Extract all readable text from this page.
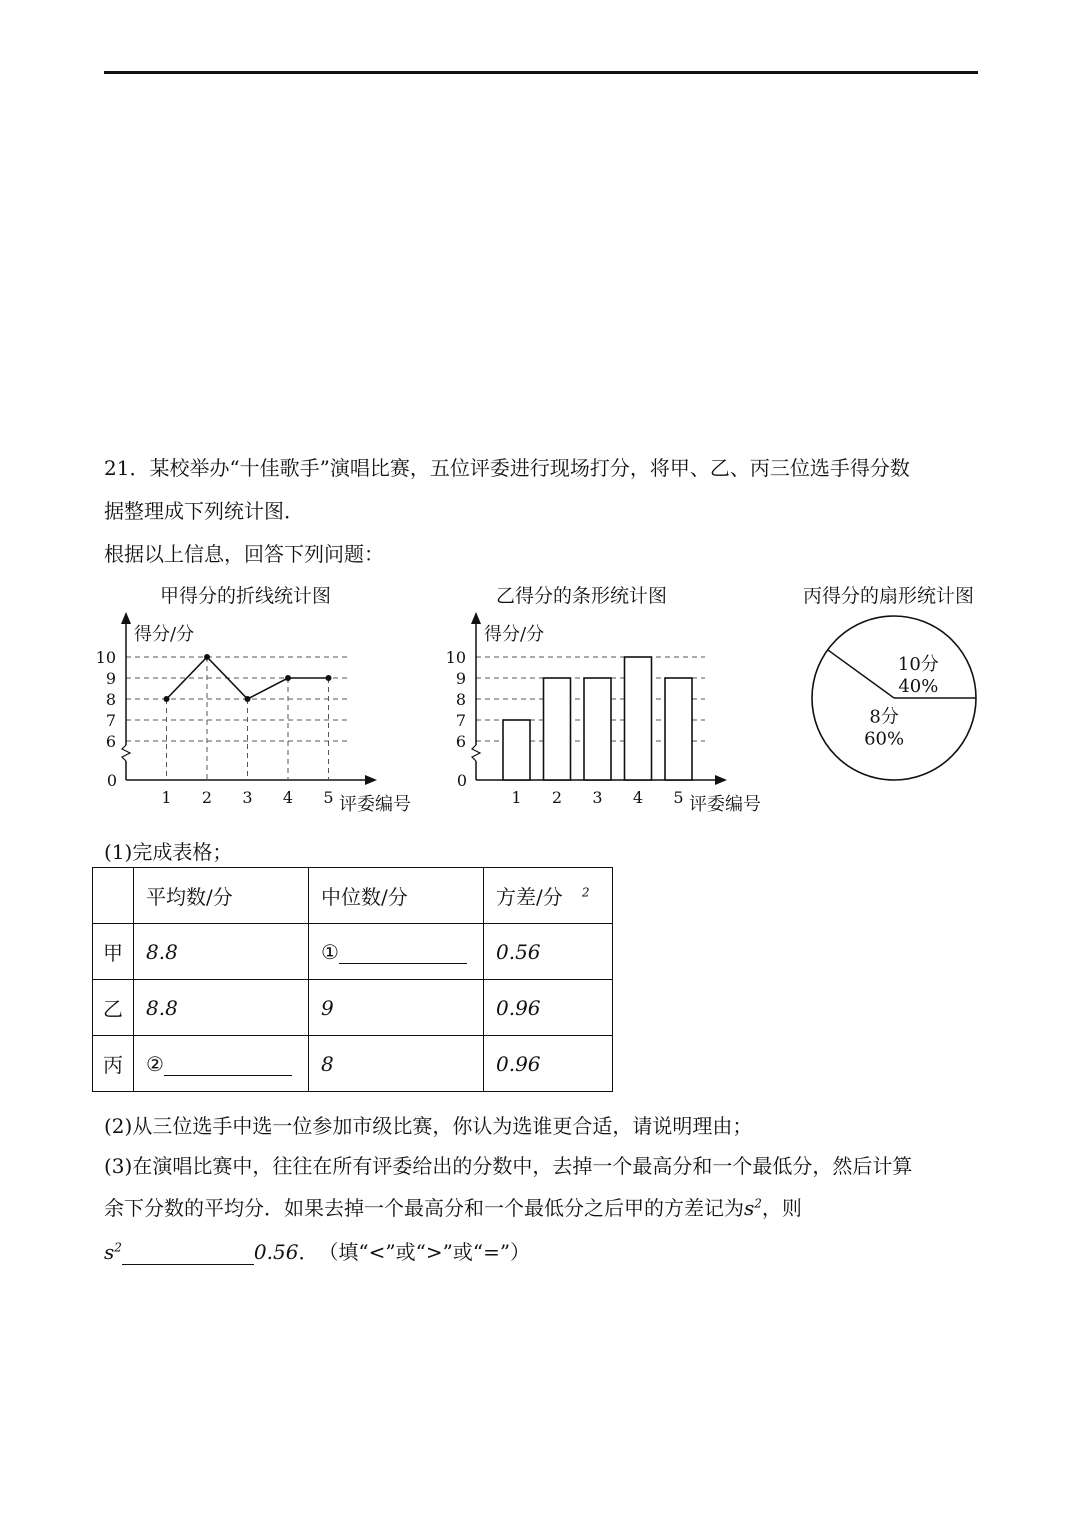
21．某校举办“十佳歌手”演唱比赛，五位评委进行现场打分，将甲、乙、丙三位选手得分数
据整理成下列统计图．
根据以上信息，回答下列问题：
甲得分的折线统计图	乙得分的条形统计图	丙得分的扇形统计图
0
6
7
8
9
10
1 2 3 4 5
得分/分
评委编号
0
6
7
8
9
10
1 2 3 4 5
得分/分
评委编号
10分
40%
8分
60%
(1)完成表格；
	平均数/分	中位数/分	方差/分 $^2$
甲	8.8	①	0.56
乙	8.8	9	0.96
丙	②	8	0.96
(2)从三位选手中选一位参加市级比赛，你认为选谁更合适，请说明理由；
(3)在演唱比赛中，往往在所有评委给出的分数中，去掉一个最高分和一个最低分，然后计算
余下分数的平均分．如果去掉一个最高分和一个最低分之后甲的方差记为$s^2$，则
$s^2$	0.56． （填“<”或“>”或“=”）
